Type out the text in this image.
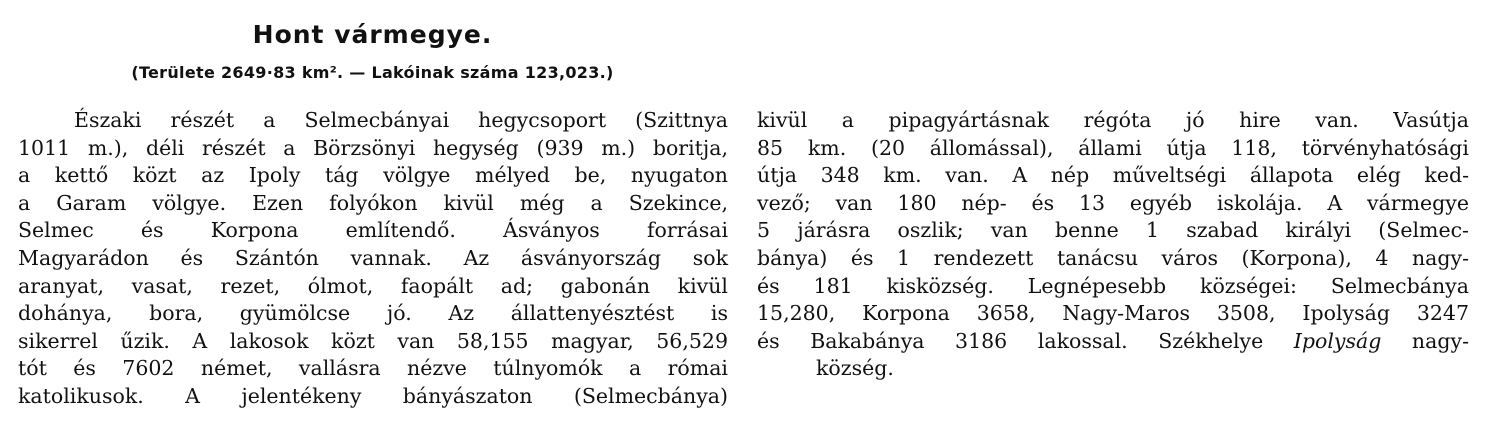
Hont vármegye.

(Területe 2649·83 km². — Lakóinak száma 123,023.)

Északi részét a Selmecbányai hegycsoport (Szittnya
1011 m.), déli részét a Börzsönyi hegység (939 m.) boritja,
a kettő közt az Ipoly tág völgye mélyed be, nyugaton
a Garam völgye. Ezen folyókon kivül még a Szekince,
Selmec és Korpona említendő. Ásványos forrásai
Magyarádon és Szántón vannak. Az ásványország sok
aranyat, vasat, rezet, ólmot, faopált ad; gabonán kivül
dohánya, bora, gyümölcse jó. Az állattenyésztést is
sikerrel űzik. A lakosok közt van 58,155 magyar, 56,529
tót és 7602 német, vallásra nézve túlnyomók a római
katolikusok. A jelentékeny bányászaton (Selmecbánya)
kivül a pipagyártásnak régóta jó hire van. Vasútja
85 km. (20 állomással), állami útja 118, törvényhatósági
útja 348 km. van. A nép műveltségi állapota elég ked-
vező; van 180 nép- és 13 egyéb iskolája. A vármegye
5 járásra oszlik; van benne 1 szabad királyi (Selmec-
bánya) és 1 rendezett tanácsu város (Korpona), 4 nagy-
és 181 kisközség. Legnépesebb községei: Selmecbánya
15,280, Korpona 3658, Nagy-Maros 3508, Ipolyság 3247
és Bakabánya 3186 lakossal. Székhelye Ipolyság nagy-
község.
